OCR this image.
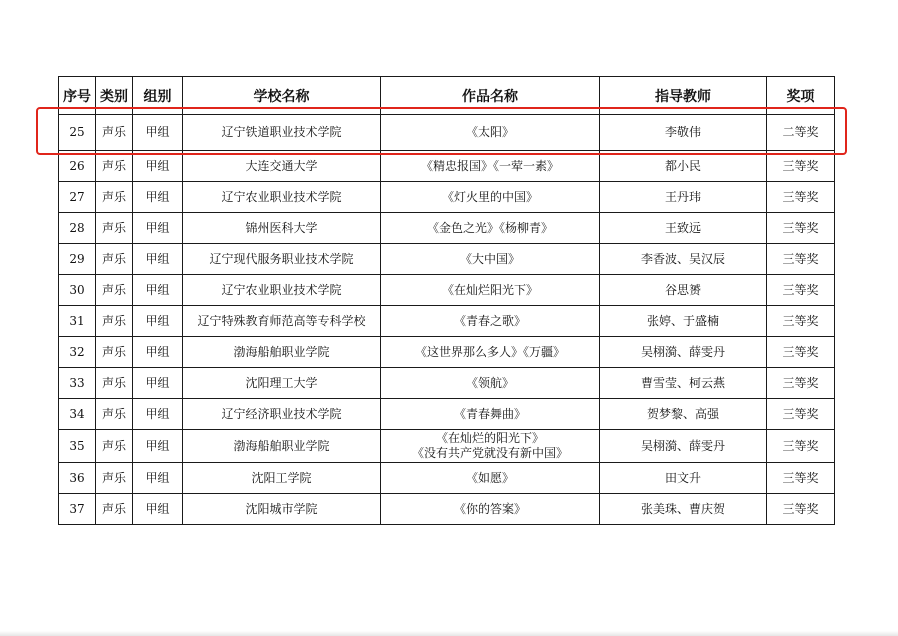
序号	类别	组别	学校名称	作品名称	指导教师	奖项
25	声乐	甲组	辽宁铁道职业技术学院	《太阳》	李敬伟	二等奖
26	声乐	甲组	大连交通大学	《精忠报国》《一荤一素》	都小民	三等奖
27	声乐	甲组	辽宁农业职业技术学院	《灯火里的中国》	王丹玮	三等奖
28	声乐	甲组	锦州医科大学	《金色之光》《杨柳青》	王致远	三等奖
29	声乐	甲组	辽宁现代服务职业技术学院	《大中国》	李香波、吴汉辰	三等奖
30	声乐	甲组	辽宁农业职业技术学院	《在灿烂阳光下》	谷思赟	三等奖
31	声乐	甲组	辽宁特殊教育师范高等专科学校	《青春之歌》	张婷、于盛楠	三等奖
32	声乐	甲组	渤海船舶职业学院	《这世界那么多人》《万疆》	吴栩漪、薛雯丹	三等奖
33	声乐	甲组	沈阳理工大学	《领航》	曹雪莹、柯云燕	三等奖
34	声乐	甲组	辽宁经济职业技术学院	《青春舞曲》	贺梦黎、高强	三等奖
35	声乐	甲组	渤海船舶职业学院	《在灿烂的阳光下》
《没有共产党就没有新中国》	吴栩漪、薛雯丹	三等奖
36	声乐	甲组	沈阳工学院	《如愿》	田文升	三等奖
37	声乐	甲组	沈阳城市学院	《你的答案》	张美珠、曹庆贺	三等奖
